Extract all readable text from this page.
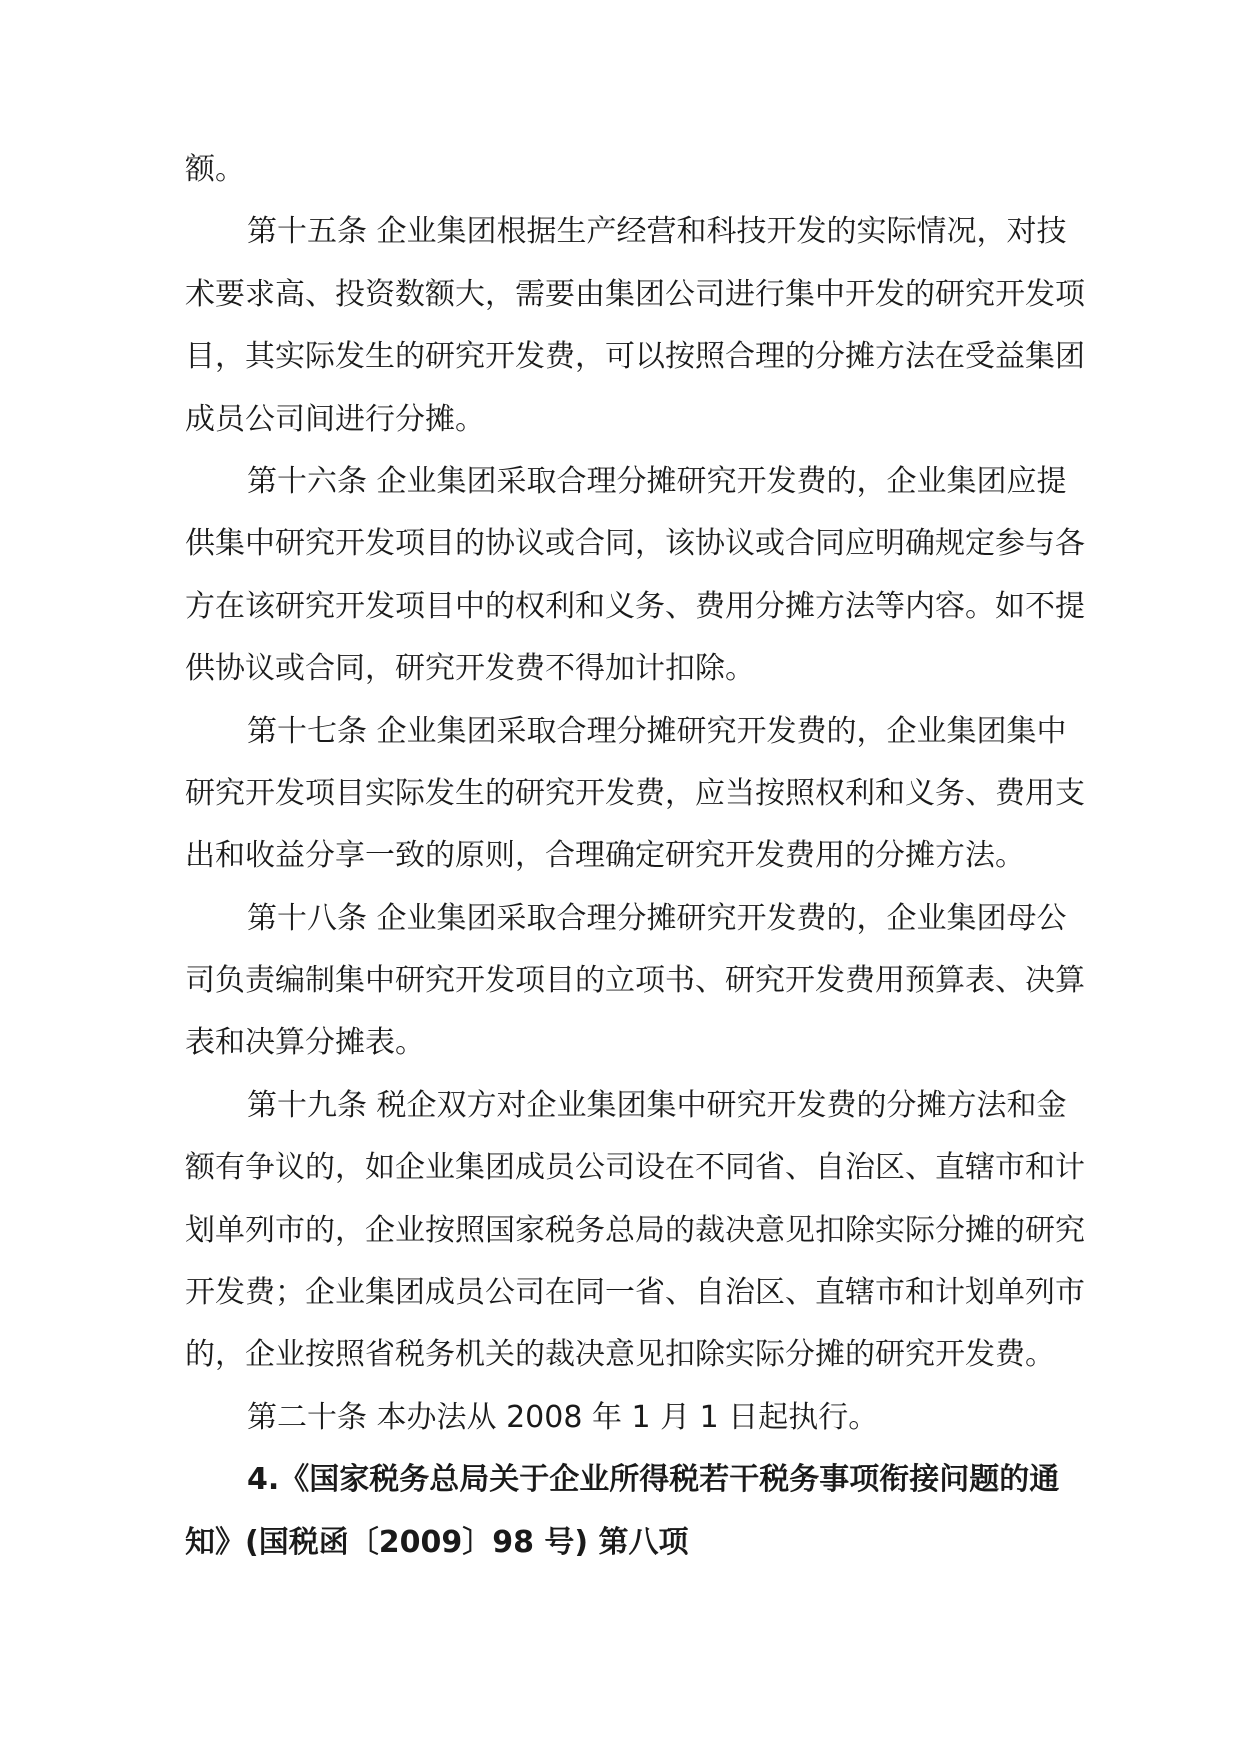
额。
第十五条 企业集团根据生产经营和科技开发的实际情况，对技
术要求高、投资数额大，需要由集团公司进行集中开发的研究开发项
目，其实际发生的研究开发费，可以按照合理的分摊方法在受益集团
成员公司间进行分摊。
第十六条 企业集团采取合理分摊研究开发费的，企业集团应提
供集中研究开发项目的协议或合同，该协议或合同应明确规定参与各
方在该研究开发项目中的权利和义务、费用分摊方法等内容。如不提
供协议或合同，研究开发费不得加计扣除。
第十七条 企业集团采取合理分摊研究开发费的，企业集团集中
研究开发项目实际发生的研究开发费，应当按照权利和义务、费用支
出和收益分享一致的原则，合理确定研究开发费用的分摊方法。
第十八条 企业集团采取合理分摊研究开发费的，企业集团母公
司负责编制集中研究开发项目的立项书、研究开发费用预算表、决算
表和决算分摊表。
第十九条 税企双方对企业集团集中研究开发费的分摊方法和金
额有争议的，如企业集团成员公司设在不同省、自治区、直辖市和计
划单列市的，企业按照国家税务总局的裁决意见扣除实际分摊的研究
开发费；企业集团成员公司在同一省、自治区、直辖市和计划单列市
的，企业按照省税务机关的裁决意见扣除实际分摊的研究开发费。
第二十条 本办法从 2008 年 1 月 1 日起执行。
4.《国家税务总局关于企业所得税若干税务事项衔接问题的通
知》(国税函〔2009〕98 号) 第八项
